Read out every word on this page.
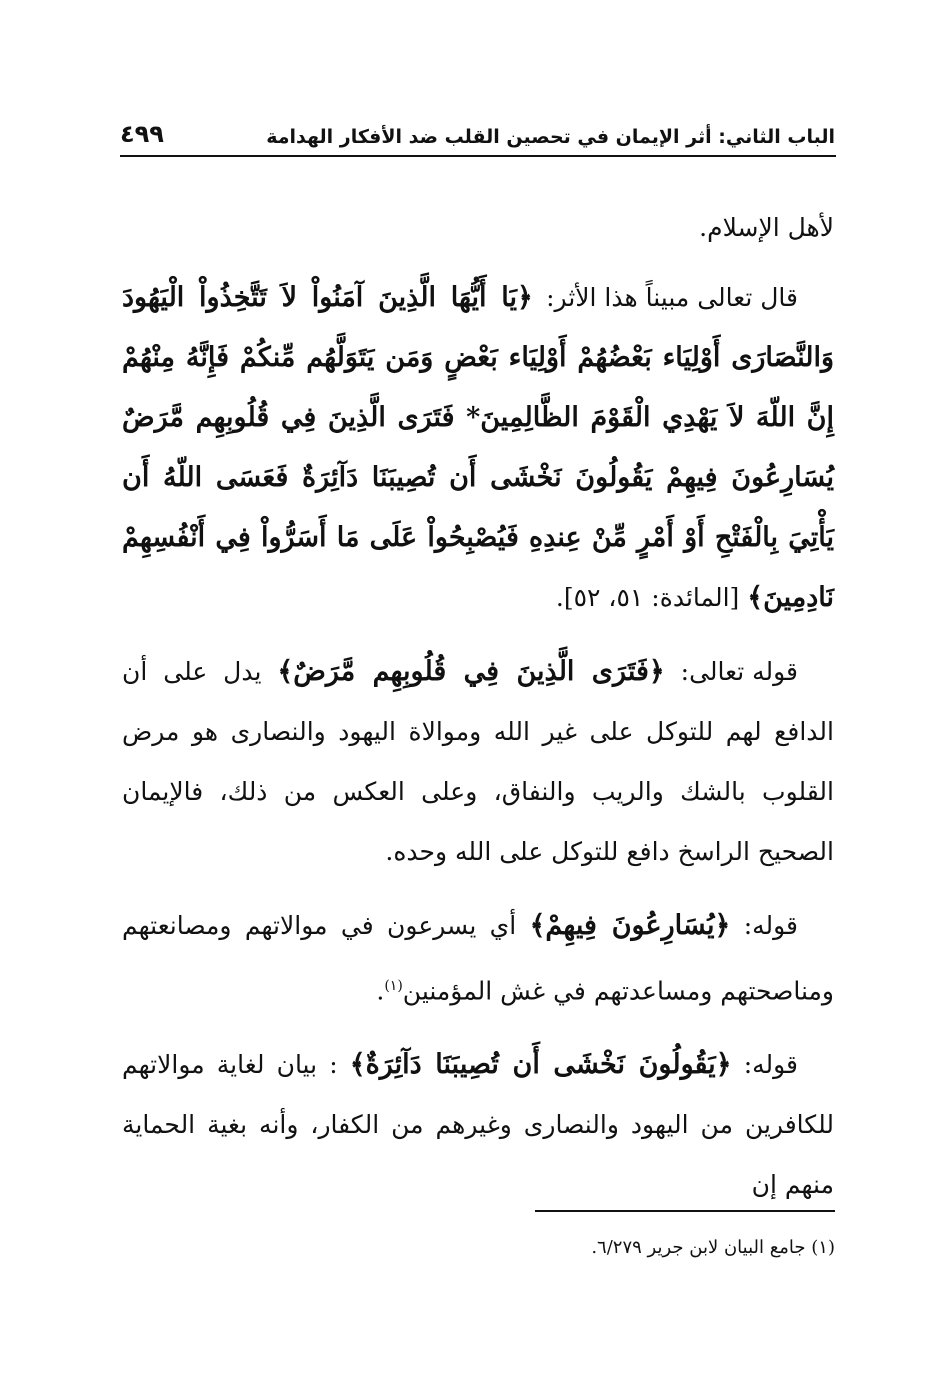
٤٩٩	الباب الثاني: أثر الإيمان في تحصين القلب ضد الأفكار الهدامة

لأهل الإسلام.

قال تعالى مبيناً هذا الأثر: ﴿يَا أَيُّهَا الَّذِينَ آمَنُواْ لاَ تَتَّخِذُواْ الْيَهُودَ وَالنَّصَارَى أَوْلِيَاء بَعْضُهُمْ أَوْلِيَاء بَعْضٍ وَمَن يَتَوَلَّهُم مِّنكُمْ فَإِنَّهُ مِنْهُمْ إِنَّ اللّهَ لاَ يَهْدِي الْقَوْمَ الظَّالِمِينَ* فَتَرَى الَّذِينَ فِي قُلُوبِهِم مَّرَضٌ يُسَارِعُونَ فِيهِمْ يَقُولُونَ نَخْشَى أَن تُصِيبَنَا دَآئِرَةٌ فَعَسَى اللّهُ أَن يَأْتِيَ بِالْفَتْحِ أَوْ أَمْرٍ مِّنْ عِندِهِ فَيُصْبِحُواْ عَلَى مَا أَسَرُّواْ فِي أَنْفُسِهِمْ نَادِمِينَ﴾ [المائدة: ٥١، ٥٢].

قوله تعالى: ﴿فَتَرَى الَّذِينَ فِي قُلُوبِهِم مَّرَضٌ﴾ يدل على أن الدافع لهم للتوكل على غير الله وموالاة اليهود والنصارى هو مرض القلوب بالشك والريب والنفاق، وعلى العكس من ذلك، فالإيمان الصحيح الراسخ دافع للتوكل على الله وحده.

قوله: ﴿يُسَارِعُونَ فِيهِمْ﴾ أي يسرعون في موالاتهم ومصانعتهم ومناصحتهم ومساعدتهم في غش المؤمنين$^{(١)}$.

قوله: ﴿يَقُولُونَ نَخْشَى أَن تُصِيبَنَا دَآئِرَةٌ﴾ : بيان لغاية موالاتهم للكافرين من اليهود والنصارى وغيرهم من الكفار، وأنه بغية الحماية منهم إن

(١) جامع البيان لابن جرير ٦/٢٧٩.
